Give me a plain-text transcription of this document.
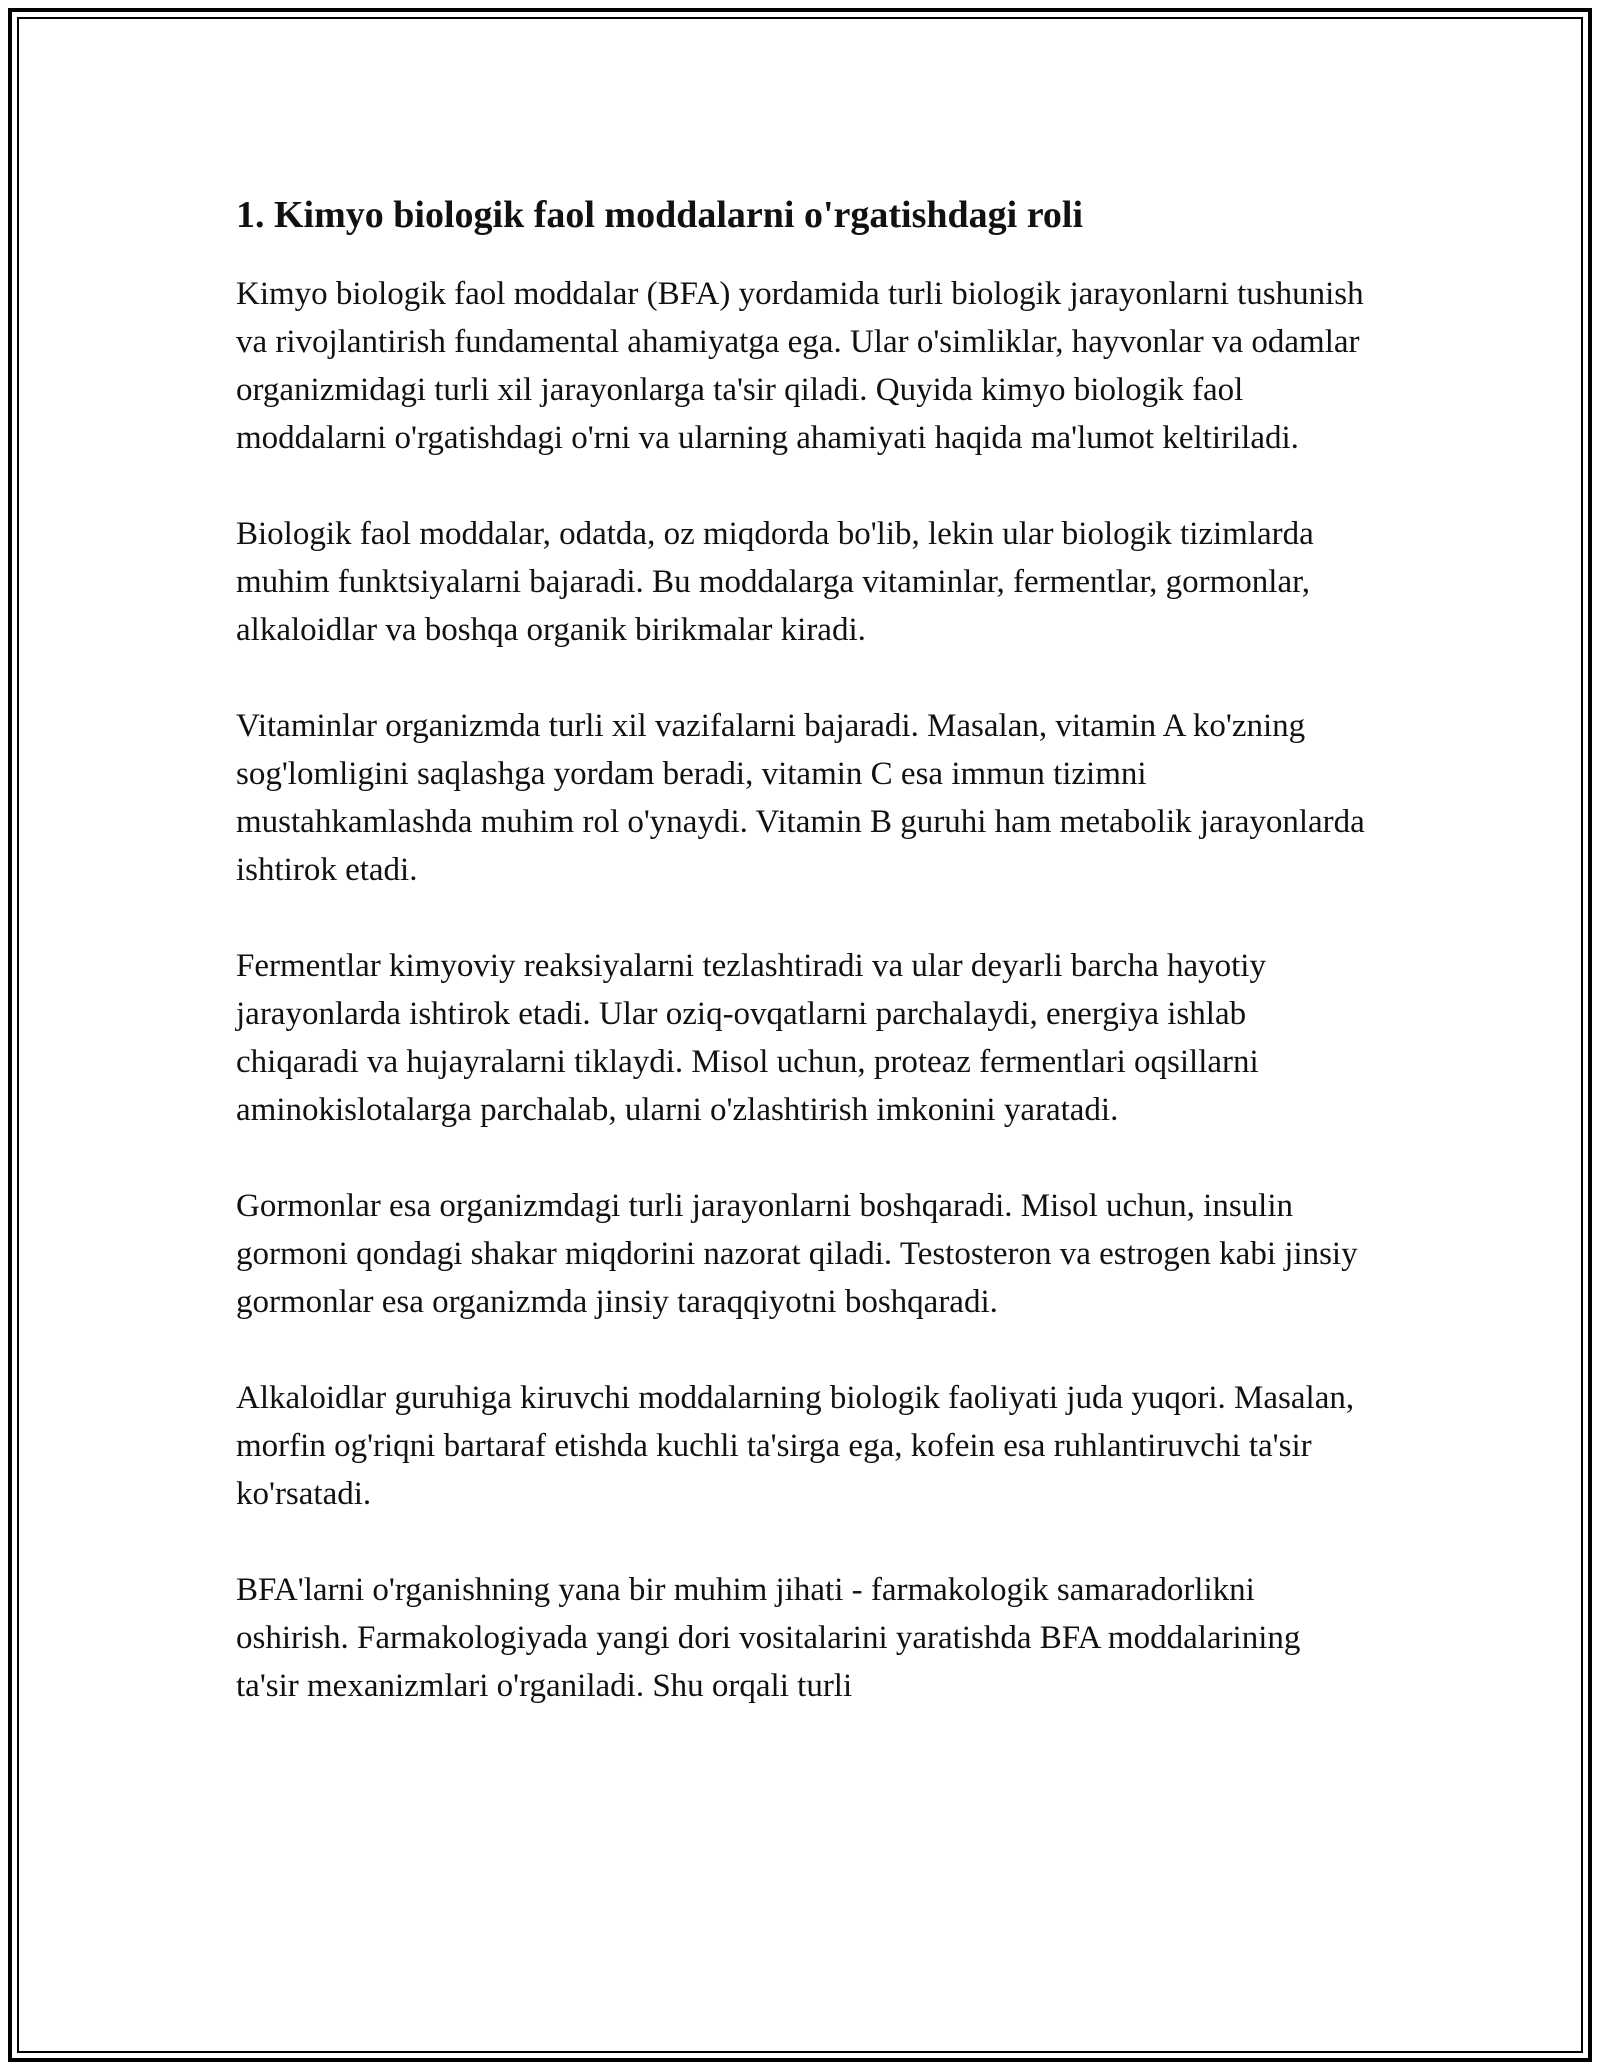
1. Kimyo biologik faol moddalarni o'rgatishdagi roli

Kimyo biologik faol moddalar (BFA) yordamida turli biologik jarayonlarni tushunish va rivojlantirish fundamental ahamiyatga ega. Ular o'simliklar, hayvonlar va odamlar organizmidagi turli xil jarayonlarga ta'sir qiladi. Quyida kimyo biologik faol moddalarni o'rgatishdagi o'rni va ularning ahamiyati haqida ma'lumot keltiriladi.

Biologik faol moddalar, odatda, oz miqdorda bo'lib, lekin ular biologik tizimlarda muhim funktsiyalarni bajaradi. Bu moddalarga vitaminlar, fermentlar, gormonlar, alkaloidlar va boshqa organik birikmalar kiradi.

Vitaminlar organizmda turli xil vazifalarni bajaradi. Masalan, vitamin A ko'zning sog'lomligini saqlashga yordam beradi, vitamin C esa immun tizimni mustahkamlashda muhim rol o'ynaydi. Vitamin B guruhi ham metabolik jarayonlarda ishtirok etadi.

Fermentlar kimyoviy reaksiyalarni tezlashtiradi va ular deyarli barcha hayotiy jarayonlarda ishtirok etadi. Ular oziq-ovqatlarni parchalaydi, energiya ishlab chiqaradi va hujayralarni tiklaydi. Misol uchun, proteaz fermentlari oqsillarni aminokislotalarga parchalab, ularni o'zlashtirish imkonini yaratadi.

Gormonlar esa organizmdagi turli jarayonlarni boshqaradi. Misol uchun, insulin gormoni qondagi shakar miqdorini nazorat qiladi. Testosteron va estrogen kabi jinsiy gormonlar esa organizmda jinsiy taraqqiyotni boshqaradi.

Alkaloidlar guruhiga kiruvchi moddalarning biologik faoliyati juda yuqori. Masalan, morfin og'riqni bartaraf etishda kuchli ta'sirga ega, kofein esa ruhlantiruvchi ta'sir ko'rsatadi.

BFA'larni o'rganishning yana bir muhim jihati - farmakologik samaradorlikni oshirish. Farmakologiyada yangi dori vositalarini yaratishda BFA moddalarining ta'sir mexanizmlari o'rganiladi. Shu orqali turli
